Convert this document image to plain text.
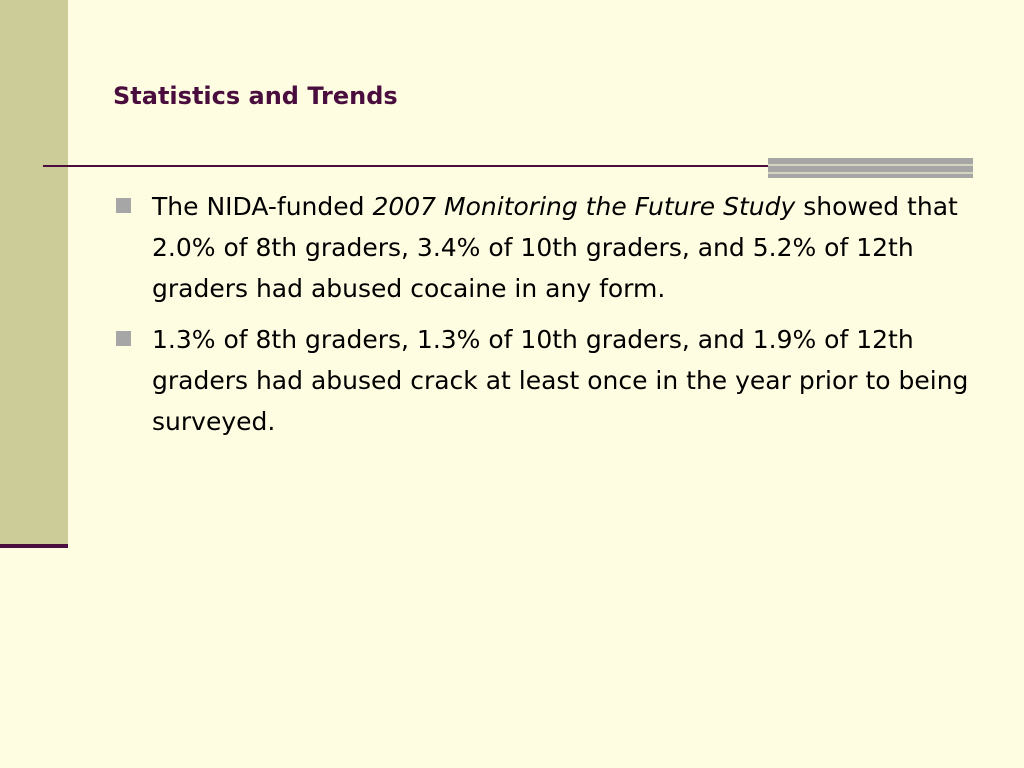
Statistics and Trends
The NIDA-funded 2007 Monitoring the Future Study showed that 2.0% of 8th graders, 3.4% of 10th graders, and 5.2% of 12th graders had abused cocaine in any form.
1.3% of 8th graders, 1.3% of 10th graders, and 1.9% of 12th graders had abused crack at least once in the year prior to being surveyed.
